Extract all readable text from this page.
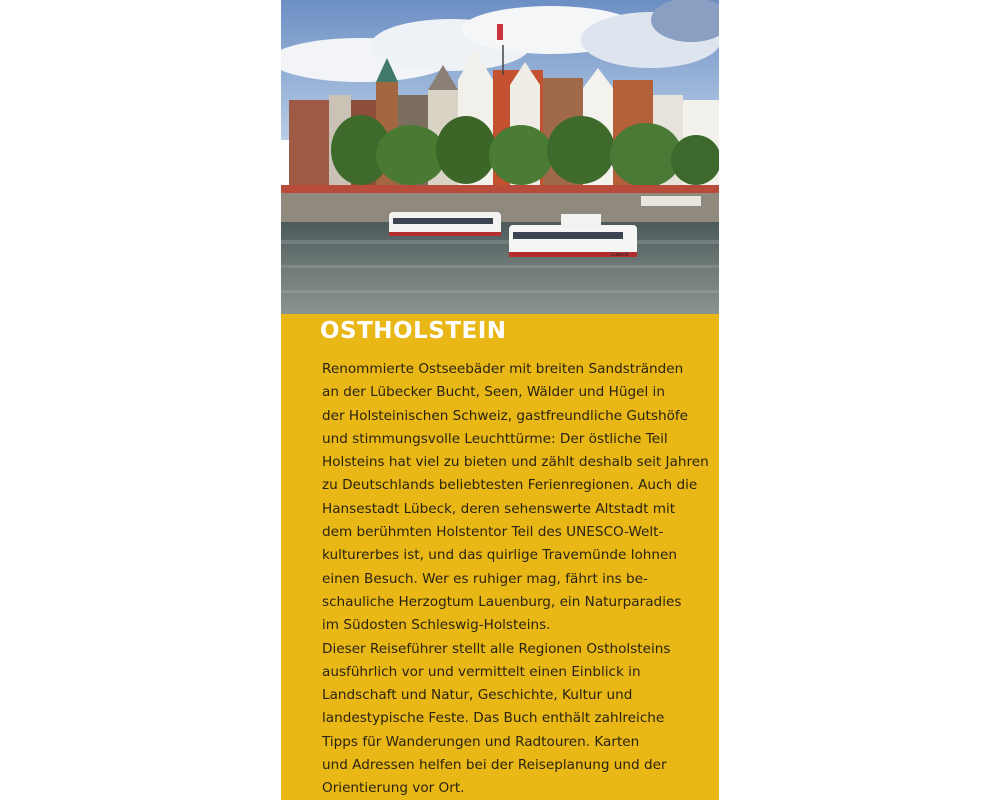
Lübeck
OSTHOLSTEIN
Renommierte Ostseebäder mit breiten Sandstränden
an der Lübecker Bucht, Seen, Wälder und Hügel in
der Holsteinischen Schweiz, gastfreundliche Gutshöfe
und stimmungsvolle Leuchttürme: Der östliche Teil
Holsteins hat viel zu bieten und zählt deshalb seit Jahren
zu Deutschlands beliebtesten Ferienregionen. Auch die
Hansestadt Lübeck, deren sehenswerte Altstadt mit
dem berühmten Holstentor Teil des UNESCO-Welt-
kulturerbes ist, und das quirlige Travemünde lohnen
einen Besuch. Wer es ruhiger mag, fährt ins be-
schauliche Herzogtum Lauenburg, ein Naturparadies
im Südosten Schleswig-Holsteins.
Dieser Reiseführer stellt alle Regionen Ostholsteins
ausführlich vor und vermittelt einen Einblick in
Landschaft und Natur, Geschichte, Kultur und
landestypische Feste. Das Buch enthält zahlreiche
Tipps für Wanderungen und Radtouren. Karten
und Adressen helfen bei der Reiseplanung und der
Orientierung vor Ort.
